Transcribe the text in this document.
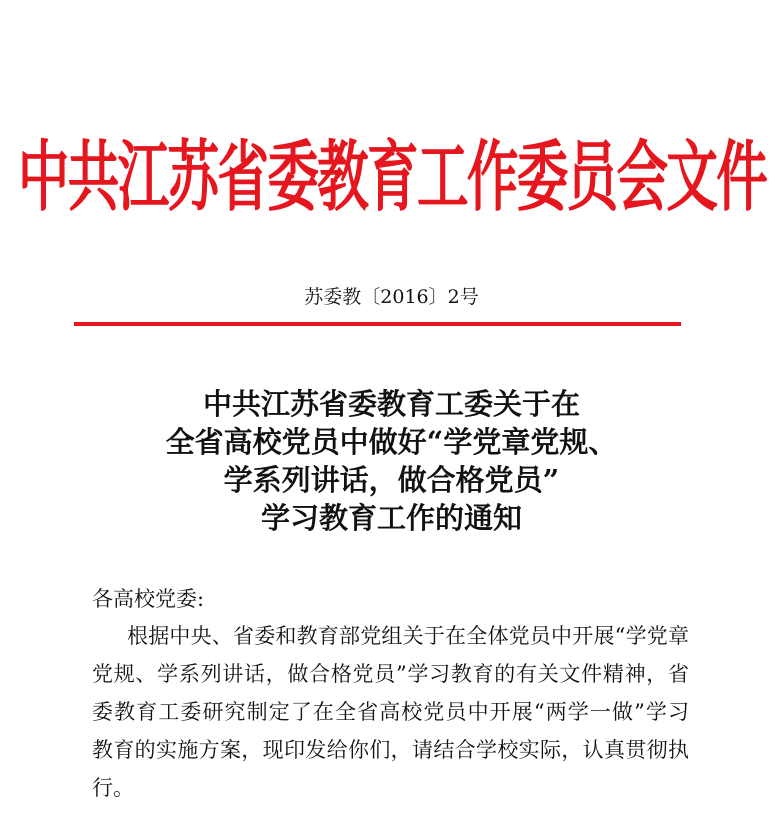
中共江苏省委教育工作委员会文件
苏委教〔2016〕2号
中共江苏省委教育工委关于在
全省高校党员中做好“学党章党规、
学系列讲话，做合格党员”
学习教育工作的通知
各高校党委:
根据中央、省委和教育部党组关于在全体党员中开展“学党章
党规、学系列讲话，做合格党员”学习教育的有关文件精神，省
委教育工委研究制定了在全省高校党员中开展“两学一做”学习
教育的实施方案，现印发给你们，请结合学校实际，认真贯彻执
行。
